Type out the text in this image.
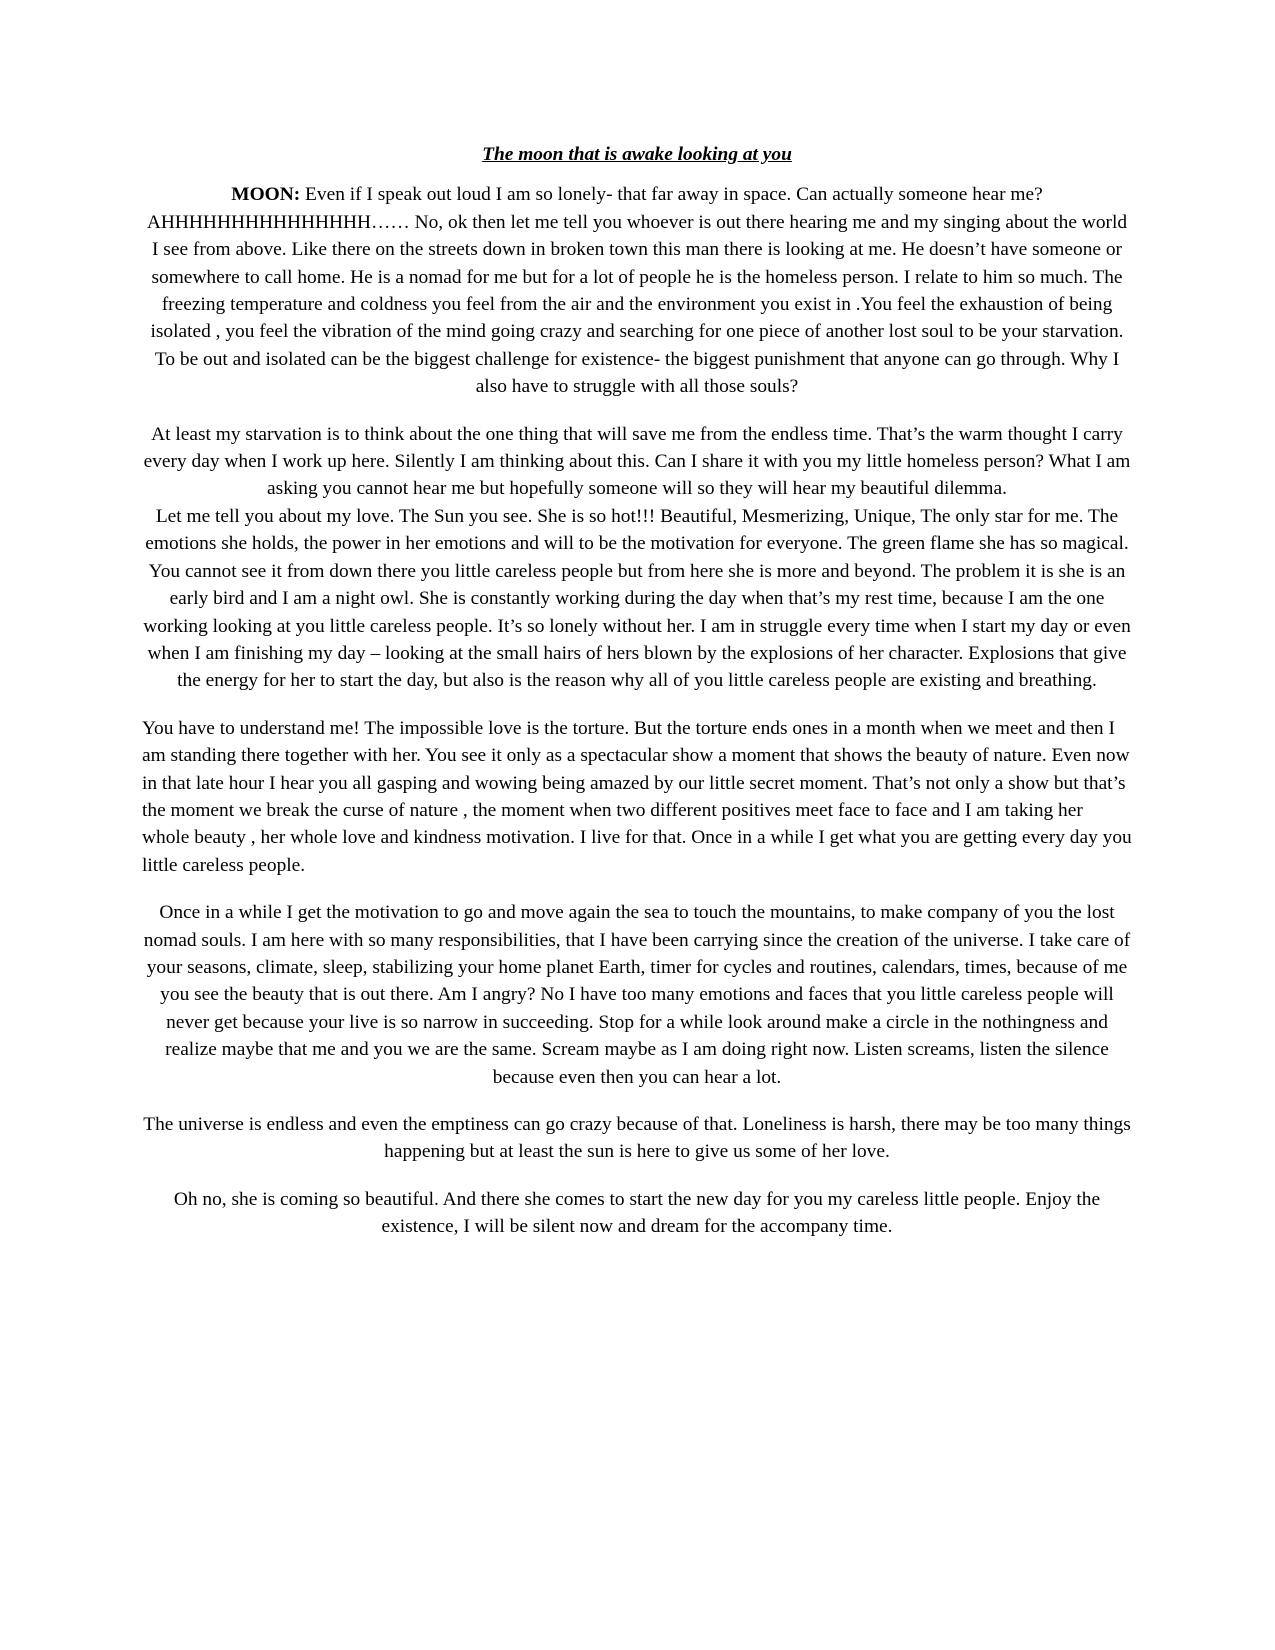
The moon that is awake looking at you

MOON: Even if I speak out loud I am so lonely- that far away in space. Can actually someone hear me? AHHHHHHHHHHHHHHH…… No, ok then let me tell you whoever is out there hearing me and my singing about the world I see from above. Like there on the streets down in broken town this man there is looking at me. He doesn’t have someone or somewhere to call home. He is a nomad for me but for a lot of people he is the homeless person. I relate to him so much. The freezing temperature and coldness you feel from the air and the environment you exist in .You feel the exhaustion of being isolated , you feel the vibration of the mind going crazy and searching for one piece of another lost soul to be your starvation. To be out and isolated can be the biggest challenge for existence- the biggest punishment that anyone can go through. Why I also have to struggle with all those souls?

At least my starvation is to think about the one thing that will save me from the endless time. That’s the warm thought I carry every day when I work up here. Silently I am thinking about this. Can I share it with you my little homeless person? What I am asking you cannot hear me but hopefully someone will so they will hear my beautiful dilemma.

Let me tell you about my love. The Sun you see. She is so hot!!! Beautiful, Mesmerizing, Unique, The only star for me. The emotions she holds, the power in her emotions and will to be the motivation for everyone. The green flame she has so magical. You cannot see it from down there you little careless people but from here she is more and beyond. The problem it is she is an early bird and I am a night owl. She is constantly working during the day when that’s my rest time, because I am the one working looking at you little careless people. It’s so lonely without her. I am in struggle every time when I start my day or even when I am finishing my day – looking at the small hairs of hers blown by the explosions of her character. Explosions that give the energy for her to start the day, but also is the reason why all of you little careless people are existing and breathing.

You have to understand me! The impossible love is the torture. But the torture ends ones in a month when we meet and then I am standing there together with her. You see it only as a spectacular show a moment that shows the beauty of nature. Even now in that late hour I hear you all gasping and wowing being amazed by our little secret moment. That’s not only a show but that’s the moment we break the curse of nature , the moment when two different positives meet face to face and I am taking her whole beauty , her whole love and kindness motivation. I live for that. Once in a while I get what you are getting every day you little careless people.

Once in a while I get the motivation to go and move again the sea to touch the mountains, to make company of you the lost nomad souls. I am here with so many responsibilities, that I have been carrying since the creation of the universe. I take care of your seasons, climate, sleep, stabilizing your home planet Earth, timer for cycles and routines, calendars, times, because of me you see the beauty that is out there. Am I angry? No I have too many emotions and faces that you little careless people will never get because your live is so narrow in succeeding. Stop for a while look around make a circle in the nothingness and realize maybe that me and you we are the same. Scream maybe as I am doing right now. Listen screams, listen the silence because even then you can hear a lot.

The universe is endless and even the emptiness can go crazy because of that. Loneliness is harsh, there may be too many things happening but at least the sun is here to give us some of her love.

Oh no, she is coming so beautiful. And there she comes to start the new day for you my careless little people. Enjoy the existence, I will be silent now and dream for the accompany time.
